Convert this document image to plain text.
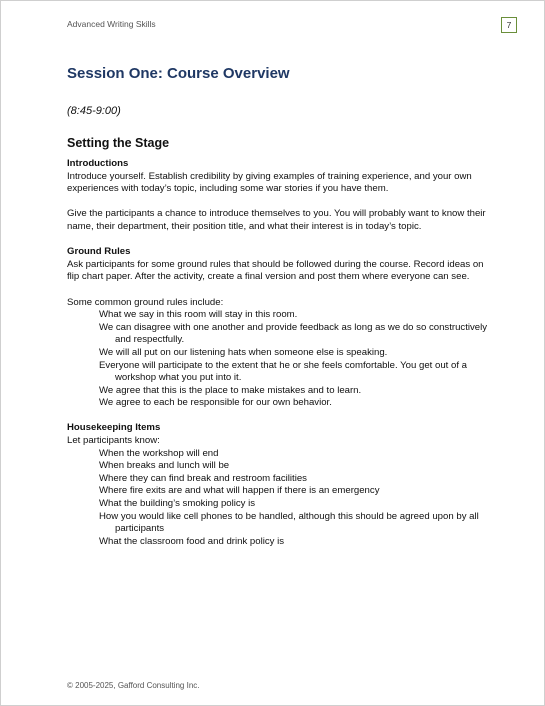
Advanced Writing Skills	7
Session One: Course Overview
(8:45-9:00)
Setting the Stage

Introductions

Introduce yourself. Establish credibility by giving examples of training experience, and your own experiences with today’s topic, including some war stories if you have them.

Give the participants a chance to introduce themselves to you. You will probably want to know their name, their department, their position title, and what their interest is in today’s topic.

Ground Rules

Ask participants for some ground rules that should be followed during the course. Record ideas on flip chart paper. After the activity, create a final version and post them where everyone can see.

Some common ground rules include:

What we say in this room will stay in this room.
We can disagree with one another and provide feedback as long as we do so constructively and respectfully.
We will all put on our listening hats when someone else is speaking.
Everyone will participate to the extent that he or she feels comfortable. You get out of a workshop what you put into it.
We agree that this is the place to make mistakes and to learn.
We agree to each be responsible for our own behavior.

Housekeeping Items

Let participants know:

When the workshop will end
When breaks and lunch will be
Where they can find break and restroom facilities
Where fire exits are and what will happen if there is an emergency
What the building’s smoking policy is
How you would like cell phones to be handled, although this should be agreed upon by all participants
What the classroom food and drink policy is
© 2005-2025, Gafford Consulting Inc.
